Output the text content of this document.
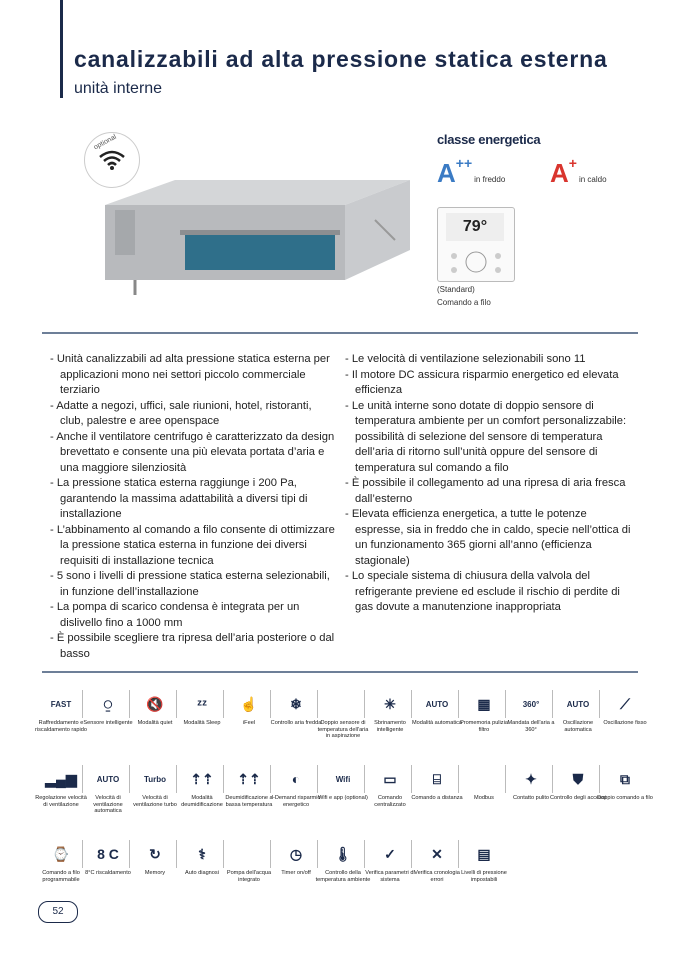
canalizzabili ad alta pressione statica esterna
unità interne
optional	classe energetica
A++in freddo A+in caldo
79°
(Standard)
Comando a filo
- Unità canalizzabili ad alta pressione statica esterna per applicazioni mono nei settori piccolo commerciale terziario
- Adatte a negozi, uffici, sale riunioni, hotel, ristoranti, club, palestre e aree openspace
- Anche il ventilatore centrifugo è caratterizzato da design brevettato e consente una più elevata portata d’aria e una maggiore silenziosità
- La pressione statica esterna raggiunge i 200 Pa, garantendo la massima adattabilità a diversi tipi di installazione
- L’abbinamento al comando a filo consente di ottimizzare la pressione statica esterna in funzione dei diversi requisiti di installazione tecnica
- 5 sono i livelli di pressione statica esterna selezionabili, in funzione dell’installazione
- La pompa di scarico condensa è integrata per un dislivello fino a 1000 mm
- È possibile scegliere tra ripresa dell’aria posteriore o dal basso
- Le velocità di ventilazione selezionabili sono 11
- Il motore DC assicura risparmio energetico ed elevata efficienza
- Le unità interne sono dotate di doppio sensore di temperatura ambiente per un comfort personalizzabile: possibilità di selezione del sensore di temperatura dell’aria di ritorno sull’unità oppure del sensore di temperatura sul comando a filo
- È possibile il collegamento ad una ripresa di aria fresca dall’esterno
- Elevata efficienza energetica, a tutte le potenze espresse, sia in freddo che in caldo, specie nell’ottica di un funzionamento 365 giorni all’anno (efficienza stagionale)
- Lo speciale sistema di chiusura della valvola del refrigerante previene ed esclude il rischio di perdite di gas dovute a manutenzione inappropriata
FAST
Raffreddamento e riscaldamento rapido
⍜
Sensore intelligente
🔇
Modalità quiet
ᶻᶻ
Modalità Sleep
☝
iFeel
❄
Controllo aria fredda Doppio sensore di temperatura dell'aria in aspirazione
✳
Sbrinamento intelligente
AUTO
Modalità automatica
▦
Promemoria pulizia filtro
360°
Mandata dell'aria a 360°
AUTO
Oscillazione automatica
⟋
Oscillazione fisso
▂▄▆
Regolazione velocità di ventilazione
AUTO
Velocità di ventilazione automatica
Turbo
Velocità di ventilazione turbo
⇡⇡
Modalità deumidificazione
⇡⇡
Deumidificazione a bassa temperatura
◐
I-Demand risparmio energetico
Wifi
Wifi e app (optional)
▭
Comando centralizzato
⌸
Comando a distanza	Modbus
✦
Contatto pulito
⛊
Controllo degli accessi
⧉
Doppio comando a filo
⌚
Comando a filo programmabile
8 C
8°C riscaldamento
↻
Memory
⚕
Auto diagnosi	Pompa dell'acqua integrato
◷
Timer on/off
🌡
Controllo della temperatura ambiente
✓
Verifica parametri di sistema
✕
Verifica cronologia errori
▤
Livelli di pressione impostabili
52
